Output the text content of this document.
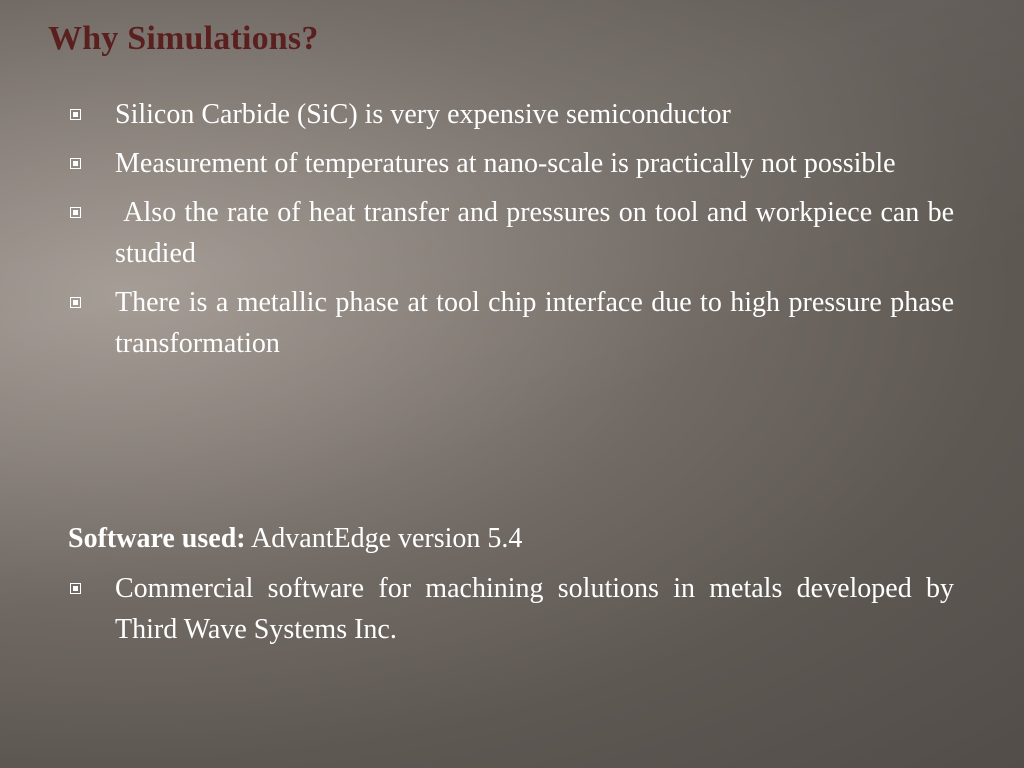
Why Simulations?
Silicon Carbide (SiC) is very expensive semiconductor
Measurement of temperatures at nano-scale is practically not possible
Also the rate of heat transfer and pressures on tool and workpiece can be studied
There is a metallic phase at tool chip interface due to high pressure phase transformation

Software used: AdvantEdge version 5.4

Commercial software for machining solutions in metals developed by Third Wave Systems Inc.
